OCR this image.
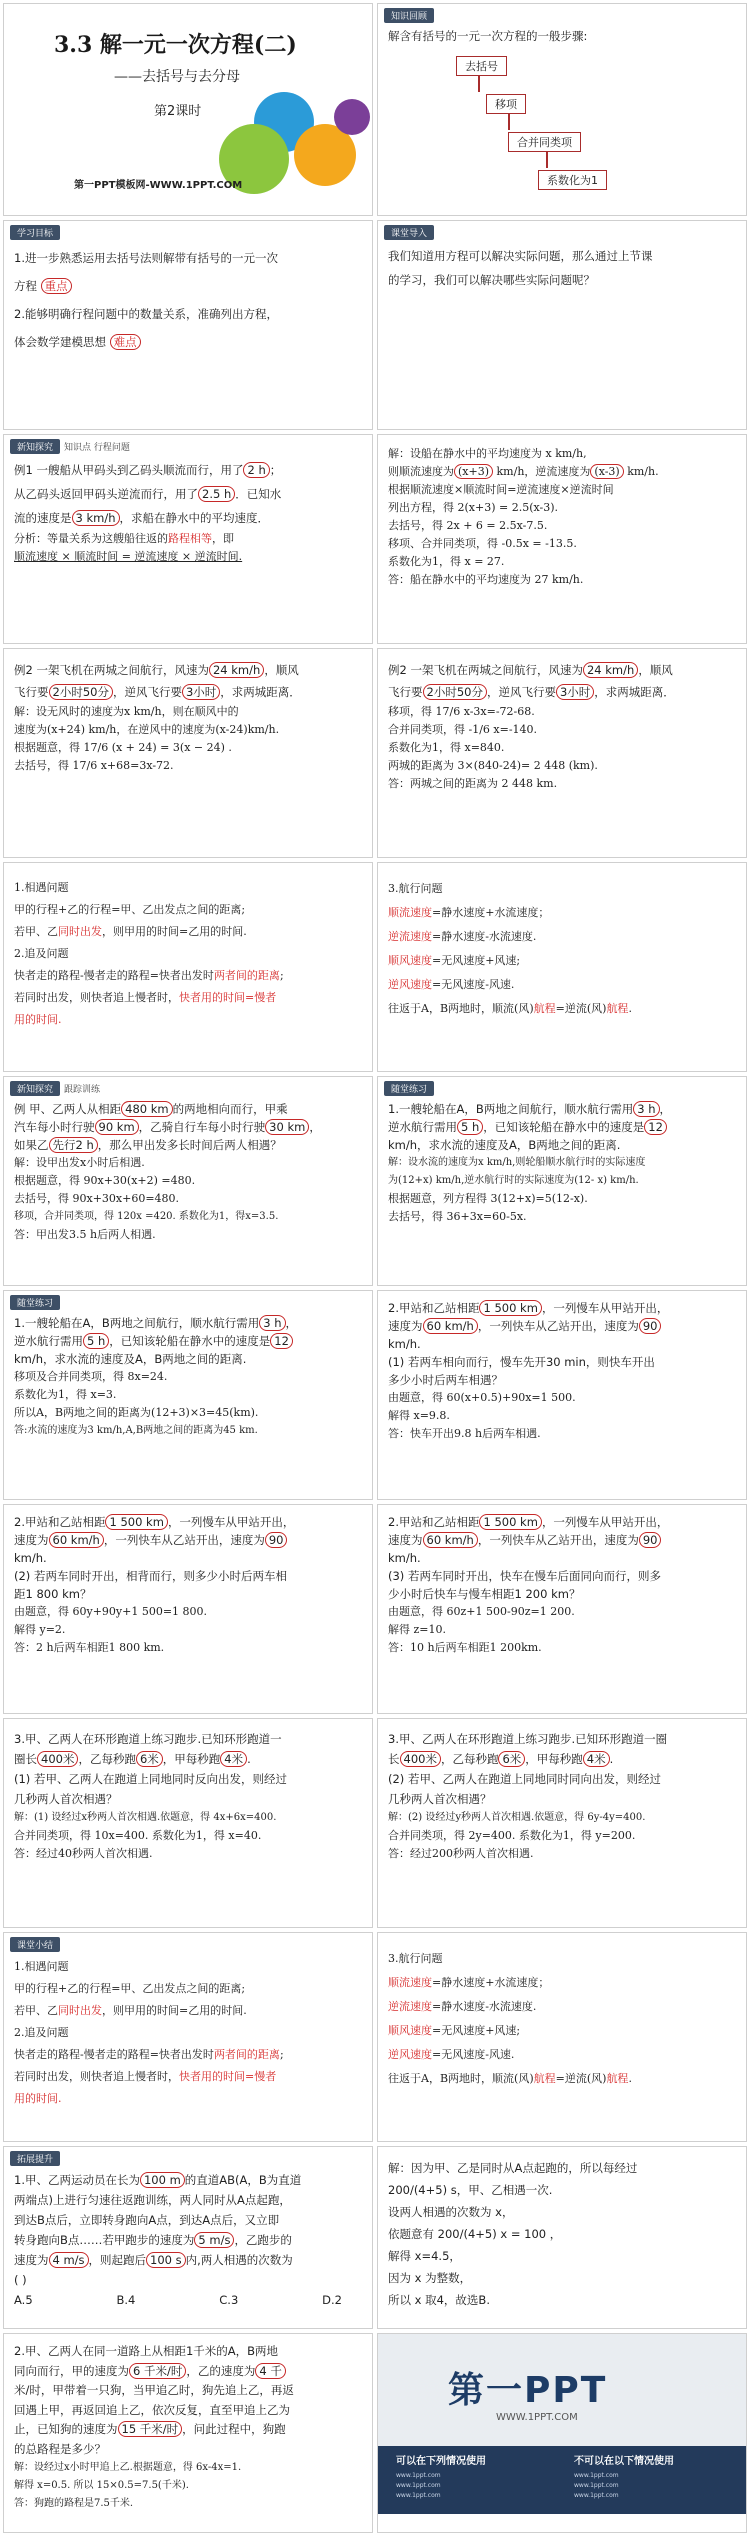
3.3 解一元一次方程(二)
——去括号与去分母
第2课时
第一PPT模板网-WWW.1PPT.COM
知识回顾
解含有括号的一元一次方程的一般步骤:
去括号
移项
合并同类项
系数化为1
学习目标
1.进一步熟悉运用去括号法则解带有括号的一元一次
方程 重点
2.能够明确行程问题中的数量关系，准确列出方程，
体会数学建模思想 难点
课堂导入
我们知道用方程可以解决实际问题，那么通过上节课
的学习，我们可以解决哪些实际问题呢？
新知探究 知识点 行程问题
例1 一艘船从甲码头到乙码头顺流而行，用了 2 h ；
从乙码头返回甲码头逆流而行，用了 2.5 h ．已知水
流的速度是 3 km/h ，求船在静水中的平均速度．
分析：等量关系为这艘船往返的路程相等，即
顺流速度 × 顺流时间 = 逆流速度 × 逆流时间.
解：设船在静水中的平均速度为 x km/h,
则顺流速度为 (x+3) km/h，逆流速度为 (x-3) km/h.
根据顺流速度×顺流时间=逆流速度×逆流时间
列出方程，得 2(x+3) = 2.5(x-3).
去括号，得 2x + 6 = 2.5x-7.5.
移项、合并同类项，得 -0.5x = -13.5.
系数化为1，得 x = 27.
答：船在静水中的平均速度为 27 km/h.
例2 一架飞机在两城之间航行，风速为 24 km/h ，顺风
飞行要 2小时50分 ，逆风飞行要 3小时 ，求两城距离．
解：设无风时的速度为x km/h，则在顺风中的
速度为(x+24) km/h，在逆风中的速度为(x-24)km/h.
根据题意，得 17/6 (x + 24) = 3(x − 24) .
去括号，得 17/6 x+68=3x-72.
例2 一架飞机在两城之间航行，风速为 24 km/h ，顺风
飞行要 2小时50分 ，逆风飞行要 3小时 ，求两城距离．
移项，得 17/6 x-3x=-72-68.
合并同类项，得 -1/6 x=-140.
系数化为1，得 x=840.
两城的距离为 3×(840-24)= 2 448 (km).
答：两城之间的距离为 2 448 km.
1.相遇问题
甲的行程+乙的行程=甲、乙出发点之间的距离;
若甲、乙同时出发，则甲用的时间=乙用的时间.
2.追及问题
快者走的路程-慢者走的路程=快者出发时两者间的距离;
若同时出发，则快者追上慢者时，快者用的时间=慢者
用的时间.
3.航行问题
顺流速度=静水速度+水流速度；
逆流速度=静水速度-水流速度.
顺风速度=无风速度+风速;
逆风速度=无风速度-风速.
往返于A，B两地时，顺流(风)航程=逆流(风)航程.
新知探究 跟踪训练
例 甲、乙两人从相距 480 km 的两地相向而行，甲乘
汽车每小时行驶 90 km ，乙骑自行车每小时行驶 30 km ，
如果乙 先行2 h ，那么甲出发多长时间后两人相遇？
解：设甲出发x小时后相遇.
根据题意，得 90x+30(x+2) =480.
去括号，得 90x+30x+60=480.
移项，合并同类项，得 120x =420. 系数化为1，得x=3.5.
答：甲出发3.5 h后两人相遇.
随堂练习
1.一艘轮船在A，B两地之间航行，顺水航行需用 3 h ，
逆水航行需用 5 h ，已知该轮船在静水中的速度是 12
km/h，求水流的速度及A，B两地之间的距离.
解：设水流的速度为x km/h,则轮船顺水航行时的实际速度
为(12+x) km/h,逆水航行时的实际速度为(12- x) km/h.
根据题意，列方程得 3(12+x)=5(12-x).
去括号，得 36+3x=60-5x.
随堂练习
1.一艘轮船在A，B两地之间航行，顺水航行需用 3 h ，
逆水航行需用 5 h ，已知该轮船在静水中的速度是 12
km/h，求水流的速度及A，B两地之间的距离.
移项及合并同类项，得 8x=24.
系数化为1，得 x=3.
所以A，B两地之间的距离为(12+3)×3=45(km).
答:水流的速度为3 km/h,A,B两地之间的距离为45 km.
2.甲站和乙站相距 1 500 km ，一列慢车从甲站开出，
速度为 60 km/h ，一列快车从乙站开出，速度为 90
km/h.
(1) 若两车相向而行，慢车先开30 min，则快车开出
多少小时后两车相遇？
由题意，得 60(x+0.5)+90x=1 500.
解得 x=9.8.
答：快车开出9.8 h后两车相遇.
2.甲站和乙站相距 1 500 km ，一列慢车从甲站开出，
速度为 60 km/h ，一列快车从乙站开出，速度为 90
km/h.
(2) 若两车同时开出，相背而行，则多少小时后两车相
距1 800 km？
由题意，得 60y+90y+1 500=1 800.
解得 y=2.
答：2 h后两车相距1 800 km.
2.甲站和乙站相距 1 500 km ，一列慢车从甲站开出，
速度为 60 km/h ，一列快车从乙站开出，速度为 90
km/h.
(3) 若两车同时开出，快车在慢车后面同向而行，则多
少小时后快车与慢车相距1 200 km？
由题意，得 60z+1 500-90z=1 200.
解得 z=10.
答：10 h后两车相距1 200km.
3.甲、乙两人在环形跑道上练习跑步.已知环形跑道一
圈长 400米 ，乙每秒跑 6米 ，甲每秒跑 4米 .
(1) 若甲、乙两人在跑道上同地同时反向出发，则经过
几秒两人首次相遇？
解：(1) 设经过x秒两人首次相遇.依题意，得 4x+6x=400.
合并同类项，得 10x=400. 系数化为1，得 x=40.
答：经过40秒两人首次相遇.
3.甲、乙两人在环形跑道上练习跑步.已知环形跑道一圈
长 400米 ，乙每秒跑 6米 ，甲每秒跑 4米 .
(2) 若甲、乙两人在跑道上同地同时同向出发，则经过
几秒两人首次相遇？
解：(2) 设经过y秒两人首次相遇.依题意，得 6y-4y=400.
合并同类项，得 2y=400. 系数化为1，得 y=200.
答：经过200秒两人首次相遇.
课堂小结
1.相遇问题
甲的行程+乙的行程=甲、乙出发点之间的距离;
若甲、乙同时出发，则甲用的时间=乙用的时间.
2.追及问题
快者走的路程-慢者走的路程=快者出发时两者间的距离;
若同时出发，则快者追上慢者时，快者用的时间=慢者
用的时间.
3.航行问题
顺流速度=静水速度+水流速度；
逆流速度=静水速度-水流速度.
顺风速度=无风速度+风速;
逆风速度=无风速度-风速.
往返于A，B两地时，顺流(风)航程=逆流(风)航程.
拓展提升
1.甲、乙两运动员在长为 100 m 的直道AB(A，B为直道
两端点)上进行匀速往返跑训练，两人同时从A点起跑，
到达B点后，立即转身跑向A点，到达A点后，又立即
转身跑向B点……若甲跑步的速度为 5 m/s ，乙跑步的
速度为 4 m/s ，则起跑后 100 s 内,两人相遇的次数为
( )
A.5	B.4	C.3	D.2
解：因为甲、乙是同时从A点起跑的，所以每经过
200/(4+5) s，甲、乙相遇一次.
设两人相遇的次数为 x，
依题意有 200/(4+5) x = 100 ，
解得 x=4.5，
因为 x 为整数，
所以 x 取4，故选B.
2.甲、乙两人在同一道路上从相距1千米的A，B两地
同向而行，甲的速度为 6 千米/时 ，乙的速度为 4 千
米/时，甲带着一只狗，当甲追乙时，狗先追上乙，再返
回遇上甲，再返回追上乙，依次反复，直至甲追上乙为
止，已知狗的速度为 15 千米/时 ，问此过程中，狗跑
的总路程是多少？
解：设经过x小时甲追上乙.根据题意，得 6x-4x=1.
解得 x=0.5. 所以 15×0.5=7.5(千米).
答：狗跑的路程是7.5千米.
第一PPT
WWW.1PPT.COM
可以在下列情况使用	不可以在以下情况使用
www.1ppt.com
www.1ppt.com
www.1ppt.com
www.1ppt.com
www.1ppt.com
www.1ppt.com
